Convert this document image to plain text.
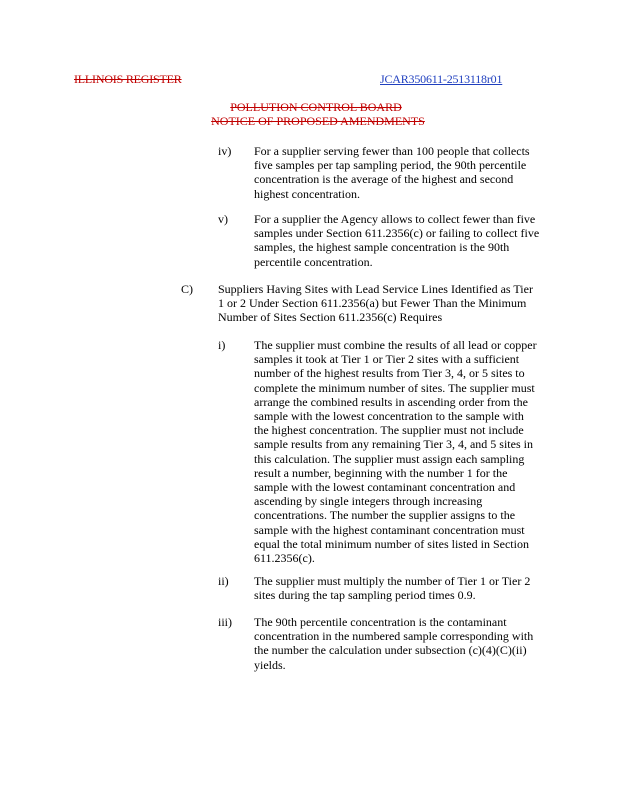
ILLINOIS REGISTER	JCAR350611-2513118r01
POLLUTION CONTROL BOARD
NOTICE OF PROPOSED AMENDMENTS
iv) For a supplier serving fewer than 100 people that collects
five samples per tap sampling period, the 90th percentile
concentration is the average of the highest and second
highest concentration.
v) For a supplier the Agency allows to collect fewer than five
samples under Section 611.2356(c) or failing to collect five
samples, the highest sample concentration is the 90th
percentile concentration.
C) Suppliers Having Sites with Lead Service Lines Identified as Tier
1 or 2 Under Section 611.2356(a) but Fewer Than the Minimum
Number of Sites Section 611.2356(c) Requires
i) The supplier must combine the results of all lead or copper
samples it took at Tier 1 or Tier 2 sites with a sufficient
number of the highest results from Tier 3, 4, or 5 sites to
complete the minimum number of sites. The supplier must
arrange the combined results in ascending order from the
sample with the lowest concentration to the sample with
the highest concentration. The supplier must not include
sample results from any remaining Tier 3, 4, and 5 sites in
this calculation. The supplier must assign each sampling
result a number, beginning with the number 1 for the
sample with the lowest contaminant concentration and
ascending by single integers through increasing
concentrations. The number the supplier assigns to the
sample with the highest contaminant concentration must
equal the total minimum number of sites listed in Section
611.2356(c).
ii) The supplier must multiply the number of Tier 1 or Tier 2
sites during the tap sampling period times 0.9.
iii) The 90th percentile concentration is the contaminant
concentration in the numbered sample corresponding with
the number the calculation under subsection (c)(4)(C)(ii)
yields.
